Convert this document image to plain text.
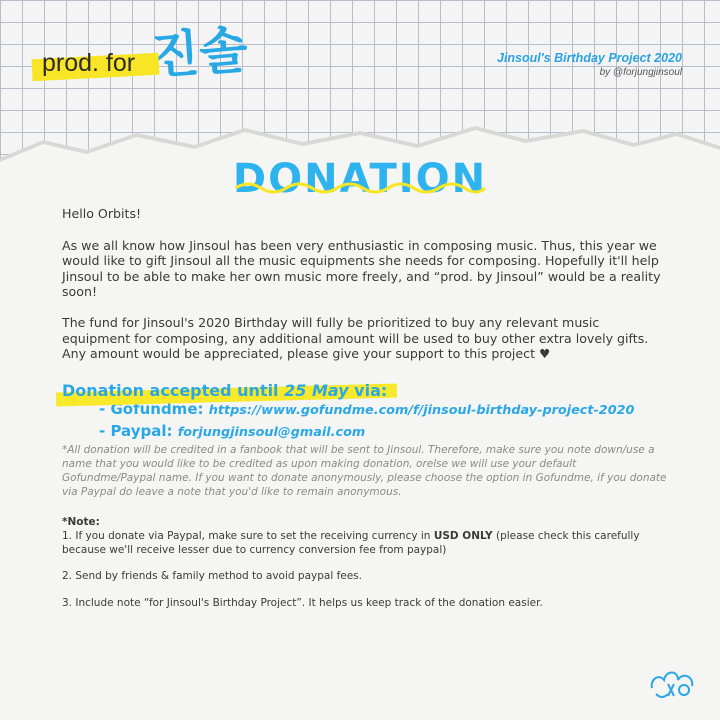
prod. for 진솔	Jinsoul's Birthday Project 2020
by @forjungjinsoul
DONATION

Hello Orbits!

As we all know how Jinsoul has been very enthusiastic in composing music. Thus, this year we would like to gift Jinsoul all the music equipments she needs for composing. Hopefully it'll help Jinsoul to be able to make her own music more freely, and “prod. by Jinsoul” would be a reality soon!

The fund for Jinsoul's 2020 Birthday will fully be prioritized to buy any relevant music equipment for composing, any additional amount will be used to buy other extra lovely gifts. Any amount would be appreciated, please give your support to this project ♥

Donation accepted until 25 May via:
- Gofundme: https://www.gofundme.com/f/jinsoul-birthday-project-2020
- Paypal: forjungjinsoul@gmail.com

*All donation will be credited in a fanbook that will be sent to Jinsoul. Therefore, make sure you note down/use a name that you would like to be credited as upon making donation, orelse we will use your default Gofundme/Paypal name. If you want to donate anonymously, please choose the option in Gofundme, if you donate via Paypal do leave a note that you'd like to remain anonymous.

*Note:

1. If you donate via Paypal, make sure to set the receiving currency in USD ONLY (please check this carefully because we'll receive lesser due to currency conversion fee from paypal)

2. Send by friends & family method to avoid paypal fees.

3. Include note “for Jinsoul's Birthday Project”. It helps us keep track of the donation easier.
